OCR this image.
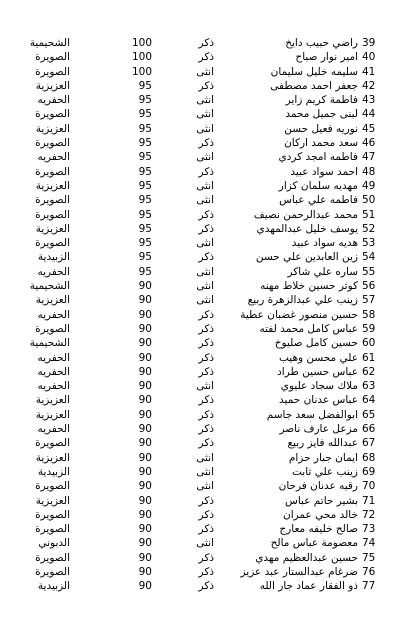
الشحيمية	100	ذكر	راضي حبيب دايخ	39
الصويرة	100	ذكر	امير نوار صباح	40
الصويرة	100	انثى	سليمه خليل سليمان	41
العزيزية	95	ذكر	جعفر احمد مصطفى	42
الحفريه	95	انثى	فاطمة كريم زاير	43
الصويرة	95	انثى	لبنى جميل محمد	44
العزيزية	95	انثى	نوريه فعيل حسن	45
الصويرة	95	ذكر	سعد محمد اركان	46
الحفريه	95	انثى	فاطمه امجد كردي	47
الصويرة	95	ذكر	احمد سواد عبيد	48
العزيزية	95	انثى	مهديه سلمان كزار	49
الصويرة	95	انثى	فاطمه علي عباس	50
الصويرة	95	ذكر	محمد عبدالرحمن نصيف	51
العزيزية	95	ذكر	يوسف خليل عبدالمهدي	52
الصويرة	95	انثى	هديه سواد عبيد	53
الزبيدية	95	ذكر	زين العابدين علي حسن	54
الحفريه	95	انثى	ساره علي شاكر	55
الشحيمية	90	انثى	كوثر حسين خلاط مهنه	56
العزيزية	90	انثى	زينب علي عبدالزهرة ربيع	57
الحفريه	90	ذكر	حسين منصور غضبان عطية	58
الصويرة	90	ذكر	عباس كامل محمد لفته	59
الشحيمية	90	ذكر	حسين كامل صليوخ	60
الحفريه	90	ذكر	علي محسن وهيب	61
الحفريه	90	ذكر	عباس حسين طراد	62
الحفريه	90	انثى	ملاك سجاد عليوي	63
العزيزية	90	ذكر	عباس عدنان حميد	64
العزيزية	90	ذكر	ابوالفضل سعد جاسم	65
الحفريه	90	ذكر	مزعل عارف ناصر	66
الصويرة	90	ذكر	عبدالله فايز ربيع	67
العزيزية	90	انثى	ايمان جبار حزام	68
الزبيدية	90	انثى	زينب علي ثابت	69
الصويرة	90	انثى	رقيه عدنان فرحان	70
العزيزية	90	ذكر	بشير حاتم عباس	71
الصويرة	90	ذكر	خالد محي عمران	72
الصويرة	90	ذكر	صالح خليفه معارج	73
الدبوني	90	انثى	معصومة عباس مالح	74
الصويرة	90	ذكر	حسين عبدالعظيم مهدي	75
الصويرة	90	ذكر	ضرغام عبدالستار عبد عزيز	76
الزبيدية	90	ذكر	ذو الفقار عماد جار الله	77
